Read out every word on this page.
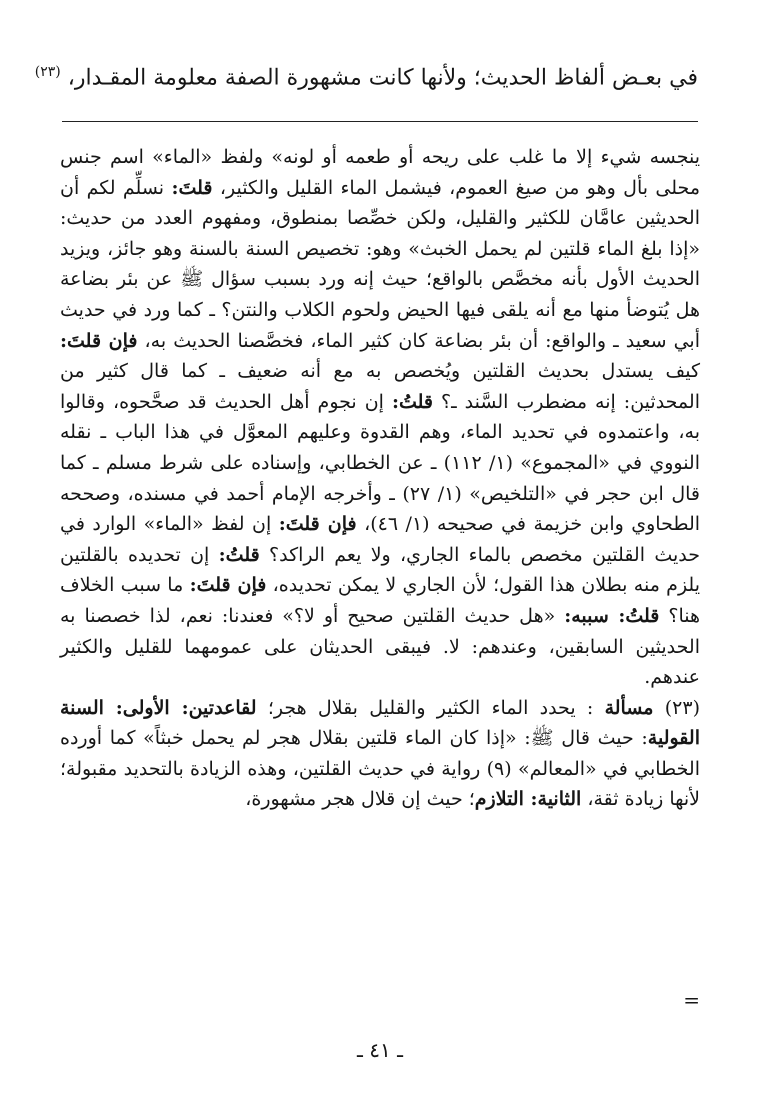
في بعـض ألفاظ الحديث؛ ولأنها كانت مشهورة الصفة معلومة المقـدار، $^{(٢٣)}$

ينجسه شيء إلا ما غلب على ريحه أو طعمه أو لونه» ولفظ «الماء» اسم جنس محلى بأل وهو من صيغ العموم، فيشمل الماء القليل والكثير، قلتَ: نسلِّم لكم أن الحديثين عامَّان للكثير والقليل، ولكن خصِّصا بمنطوق، ومفهوم العدد من حديث: «إذا بلغ الماء قلتين لم يحمل الخبث» وهو: تخصيص السنة بالسنة وهو جائز، ويزيد الحديث الأول بأنه مخصَّص بالواقع؛ حيث إنه ورد بسبب سؤال ﷺ عن بئر بضاعة هل يُتوضأ منها مع أنه يلقى فيها الحيض ولحوم الكلاب والنتن؟ ـ كما ورد في حديث أبي سعيد ـ والواقع: أن بئر بضاعة كان كثير الماء، فخصَّصنا الحديث به، فإن قلتَ: كيف يستدل بحديث القلتين ويُخصص به مع أنه ضعيف ـ كما قال كثير من المحدثين: إنه مضطرب السَّند ـ؟ قلتُ: إن نجوم أهل الحديث قد صحَّحوه، وقالوا به، واعتمدوه في تحديد الماء، وهم القدوة وعليهم المعوَّل في هذا الباب ـ نقله النووي في «المجموع» (١/ ١١٢) ـ عن الخطابي، وإسناده على شرط مسلم ـ كما قال ابن حجر في «التلخيص» (١/ ٢٧) ـ وأخرجه الإمام أحمد في مسنده، وصححه الطحاوي وابن خزيمة في صحيحه (١/ ٤٦)، فإن قلتَ: إن لفظ «الماء» الوارد في حديث القلتين مخصص بالماء الجاري، ولا يعم الراكد؟ قلتُ: إن تحديده بالقلتين يلزم منه بطلان هذا القول؛ لأن الجاري لا يمكن تحديده، فإن قلتَ: ما سبب الخلاف هنا؟ قلتُ: سببه: «هل حديث القلتين صحيح أو لا؟» فعندنا: نعم، لذا خصصنا به الحديثين السابقين، وعندهم: لا. فيبقى الحديثان على عمومهما للقليل والكثير عندهم.

(٢٣) مسألة : يحدد الماء الكثير والقليل بقلال هجر؛ لقاعدتين: الأولى: السنة القولية: حيث قال ﷺ: «إذا كان الماء قلتين بقلال هجر لم يحمل خبثاً» كما أورده الخطابي في «المعالم» (٩) رواية في حديث القلتين، وهذه الزيادة بالتحديد مقبولة؛ لأنها زيادة ثقة، الثانية: التلازم؛ حيث إن قلال هجر مشهورة،

=
ـ ٤١ ـ
